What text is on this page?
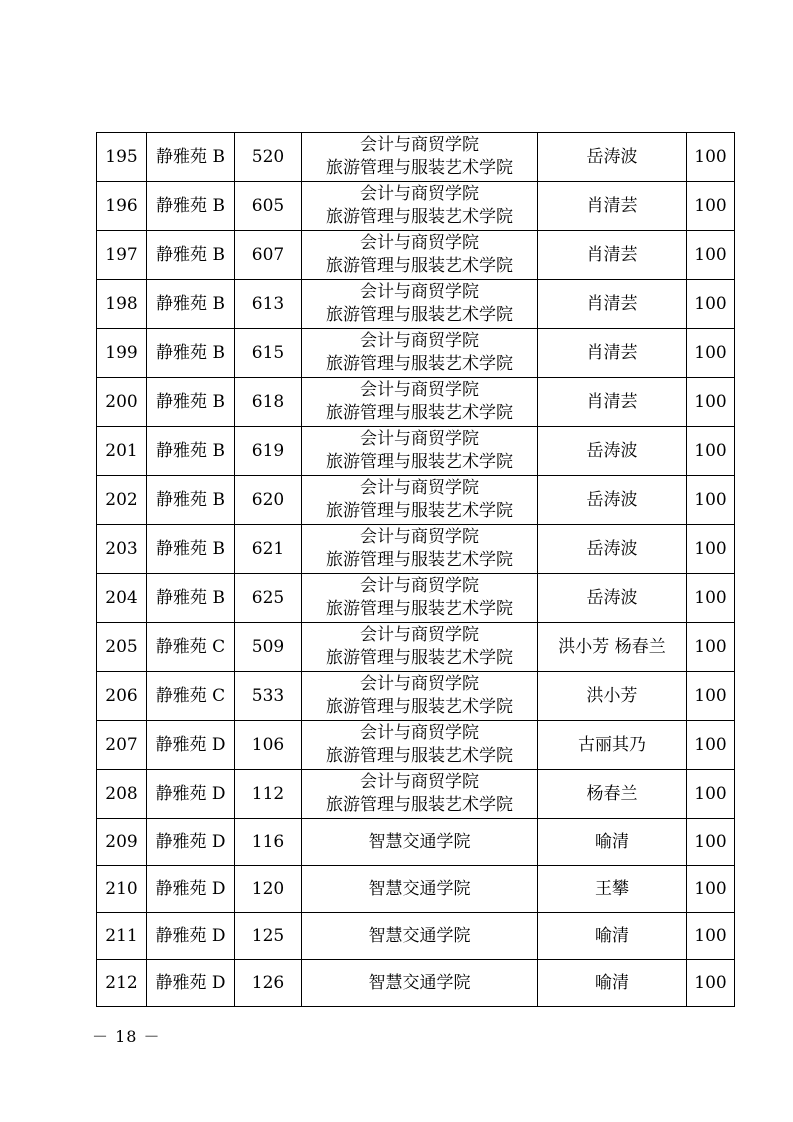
195	静雅苑 B	520	会计与商贸学院
旅游管理与服装艺术学院	岳涛波	100
196	静雅苑 B	605	会计与商贸学院
旅游管理与服装艺术学院	肖清芸	100
197	静雅苑 B	607	会计与商贸学院
旅游管理与服装艺术学院	肖清芸	100
198	静雅苑 B	613	会计与商贸学院
旅游管理与服装艺术学院	肖清芸	100
199	静雅苑 B	615	会计与商贸学院
旅游管理与服装艺术学院	肖清芸	100
200	静雅苑 B	618	会计与商贸学院
旅游管理与服装艺术学院	肖清芸	100
201	静雅苑 B	619	会计与商贸学院
旅游管理与服装艺术学院	岳涛波	100
202	静雅苑 B	620	会计与商贸学院
旅游管理与服装艺术学院	岳涛波	100
203	静雅苑 B	621	会计与商贸学院
旅游管理与服装艺术学院	岳涛波	100
204	静雅苑 B	625	会计与商贸学院
旅游管理与服装艺术学院	岳涛波	100
205	静雅苑 C	509	会计与商贸学院
旅游管理与服装艺术学院	洪小芳 杨春兰	100
206	静雅苑 C	533	会计与商贸学院
旅游管理与服装艺术学院	洪小芳	100
207	静雅苑 D	106	会计与商贸学院
旅游管理与服装艺术学院	古丽其乃	100
208	静雅苑 D	112	会计与商贸学院
旅游管理与服装艺术学院	杨春兰	100
209	静雅苑 D	116	智慧交通学院	喻清	100
210	静雅苑 D	120	智慧交通学院	王攀	100
211	静雅苑 D	125	智慧交通学院	喻清	100
212	静雅苑 D	126	智慧交通学院	喻清	100
－ 18 －
